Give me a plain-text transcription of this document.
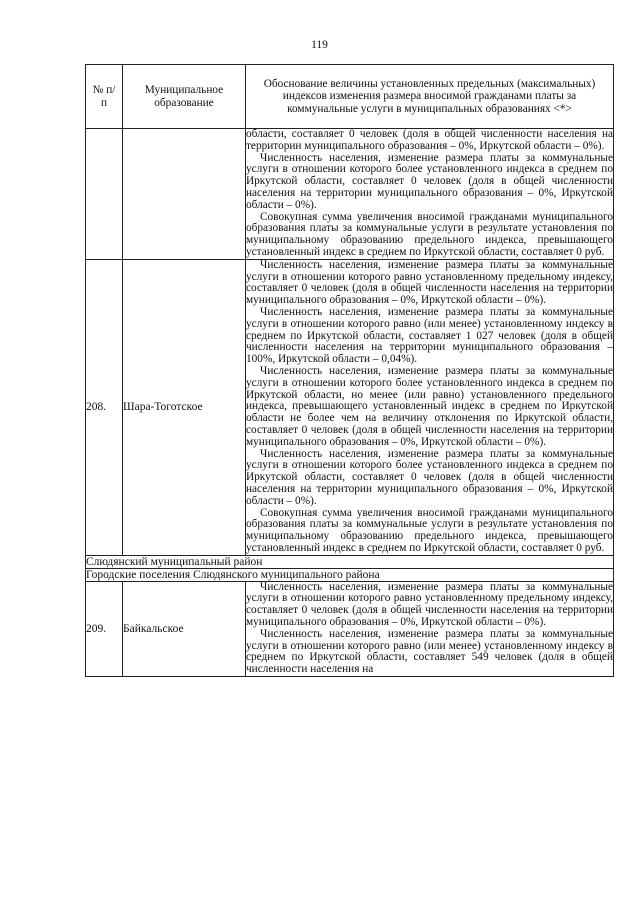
119
№ п/п	Муниципальное образование	Обоснование величины установленных предельных (максимальных) индексов изменения размера вносимой гражданами платы за коммунальные услуги в муниципальных образованиях <*>

		области, составляет 0 человек (доля в общей численности населения на территории муниципального образования – 0%, Иркутской области – 0%).

Численность населения, изменение размера платы за коммунальные услуги в отношении которого более установленного индекса в среднем по Иркутской области, составляет 0 человек (доля в общей численности населения на территории муниципального образования – 0%, Иркутской области – 0%).

Совокупная сумма увеличения вносимой гражданами муниципального образования платы за коммунальные услуги в результате установления по муниципальному образованию предельного индекса, превышающего установленный индекс в среднем по Иркутской области, составляет 0 руб.

208.	Шара-Тоготское	Численность населения, изменение размера платы за коммунальные услуги в отношении которого равно установленному предельному индексу, составляет 0 человек (доля в общей численности населения на территории муниципального образования – 0%, Иркутской области – 0%).

Численность населения, изменение размера платы за коммунальные услуги в отношении которого равно (или менее) установленному индексу в среднем по Иркутской области, составляет 1 027 человек (доля в общей численности населения на территории муниципального образования – 100%, Иркутской области – 0,04%).

Численность населения, изменение размера платы за коммунальные услуги в отношении которого более установленного индекса в среднем по Иркутской области, но менее (или равно) установленного предельного индекса, превышающего установленный индекс в среднем по Иркутской области не более чем на величину отклонения по Иркутской области, составляет 0 человек (доля в общей численности населения на территории муниципального образования – 0%, Иркутской области – 0%).

Численность населения, изменение размера платы за коммунальные услуги в отношении которого более установленного индекса в среднем по Иркутской области, составляет 0 человек (доля в общей численности населения на территории муниципального образования – 0%, Иркутской области – 0%).

Совокупная сумма увеличения вносимой гражданами муниципального образования платы за коммунальные услуги в результате установления по муниципальному образованию предельного индекса, превышающего установленный индекс в среднем по Иркутской области, составляет 0 руб.

Слюдянский муниципальный район		
Городские поселения Слюдянского муниципального района		
209.	Байкальское	Численность населения, изменение размера платы за коммунальные услуги в отношении которого равно установленному предельному индексу, составляет 0 человек (доля в общей численности населения на территории муниципального образования – 0%, Иркутской области – 0%).

Численность населения, изменение размера платы за коммунальные услуги в отношении которого равно (или менее) установленному индексу в среднем по Иркутской области, составляет 549 человек (доля в общей численности населения на
